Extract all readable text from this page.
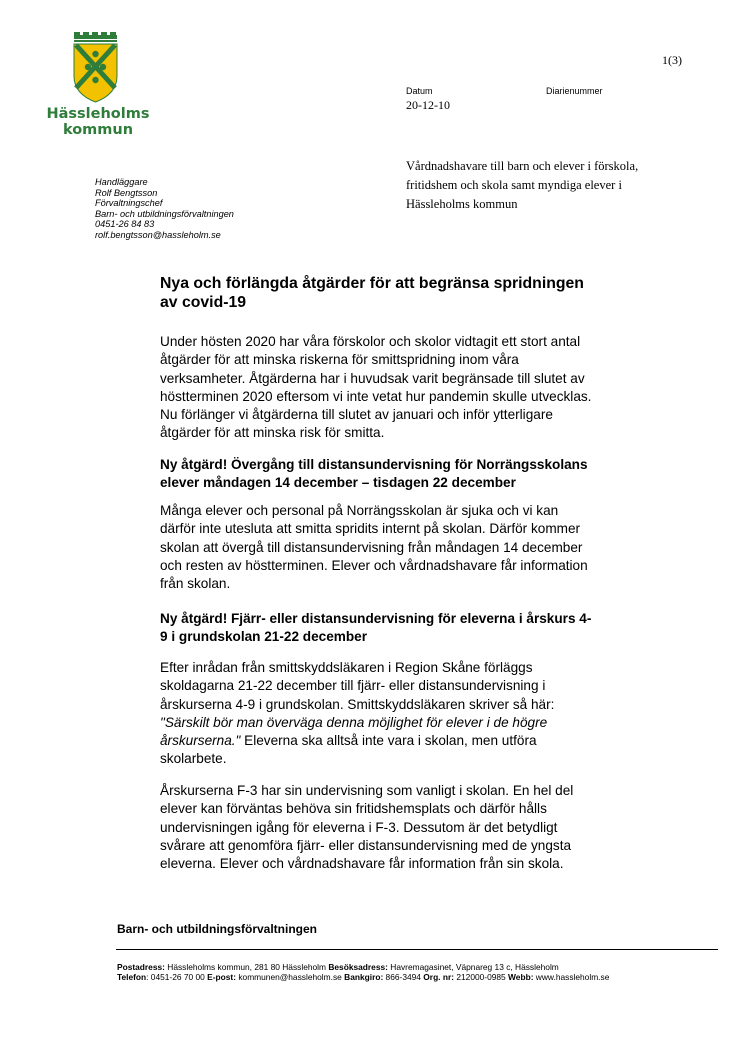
Hässleholms
kommun
1(3)
Datum
20-12-10
Diarienummer
Vårdnadshavare till barn och elever i förskola,
fritidshem och skola samt myndiga elever i
Hässleholms kommun
Handläggare
Rolf Bengtsson
Förvaltningschef
Barn- och utbildningsförvaltningen
0451-26 84 83
rolf.bengtsson@hassleholm.se
Nya och förlängda åtgärder för att begränsa spridningen
av covid-19
Under hösten 2020 har våra förskolor och skolor vidtagit ett stort antal
åtgärder för att minska riskerna för smittspridning inom våra
verksamheter. Åtgärderna har i huvudsak varit begränsade till slutet av
höstterminen 2020 eftersom vi inte vetat hur pandemin skulle utvecklas.
Nu förlänger vi åtgärderna till slutet av januari och inför ytterligare
åtgärder för att minska risk för smitta.
Ny åtgärd! Övergång till distansundervisning för Norrängsskolans
elever måndagen 14 december – tisdagen 22 december
Många elever och personal på Norrängsskolan är sjuka och vi kan
därför inte utesluta att smitta spridits internt på skolan. Därför kommer
skolan att övergå till distansundervisning från måndagen 14 december
och resten av höstterminen. Elever och vårdnadshavare får information
från skolan.
Ny åtgärd! Fjärr- eller distansundervisning för eleverna i årskurs 4-
9 i grundskolan 21-22 december
Efter inrådan från smittskyddsläkaren i Region Skåne förläggs
skoldagarna 21-22 december till fjärr- eller distansundervisning i
årskurserna 4-9 i grundskolan. Smittskyddsläkaren skriver så här:
"Särskilt bör man överväga denna möjlighet för elever i de högre
årskurserna." Eleverna ska alltså inte vara i skolan, men utföra
skolarbete.
Årskurserna F-3 har sin undervisning som vanligt i skolan. En hel del
elever kan förväntas behöva sin fritidshemsplats och därför hålls
undervisningen igång för eleverna i F-3. Dessutom är det betydligt
svårare att genomföra fjärr- eller distansundervisning med de yngsta
eleverna. Elever och vårdnadshavare får information från sin skola.
Barn- och utbildningsförvaltningen
Postadress: Hässleholms kommun, 281 80 Hässleholm Besöksadress: Havremagasinet, Väpnareg 13 c, Hässleholm
Telefon: 0451-26 70 00 E-post: kommunen@hassleholm.se Bankgiro: 866-3494 Org. nr: 212000-0985 Webb: www.hassleholm.se
